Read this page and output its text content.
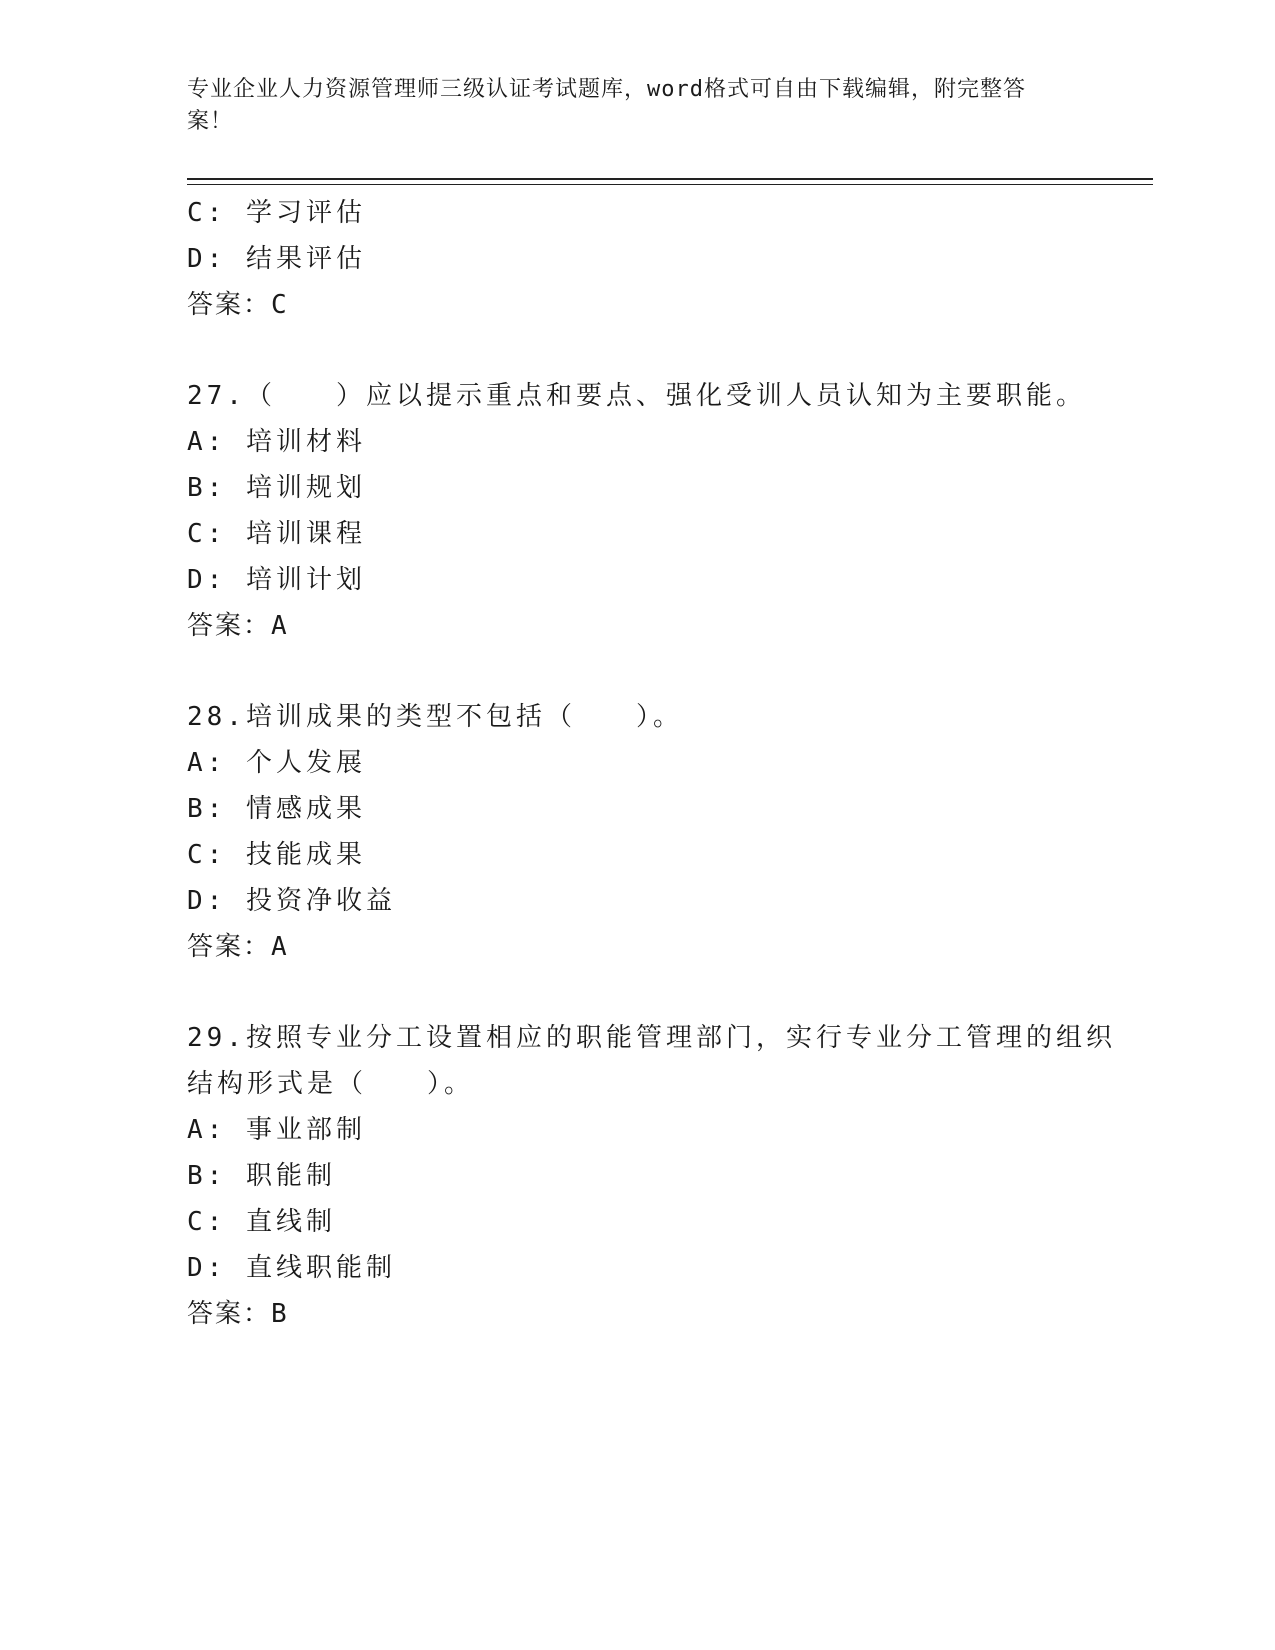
专业企业人力资源管理师三级认证考试题库，word格式可自由下载编辑，附完整答案！
C: 学习评估
D: 结果评估
答案：C
27.（　　）应以提示重点和要点、强化受训人员认知为主要职能。
A: 培训材料
B: 培训规划
C: 培训课程
D: 培训计划
答案：A
28.培训成果的类型不包括（　　）。
A: 个人发展
B: 情感成果
C: 技能成果
D: 投资净收益
答案：A
29.按照专业分工设置相应的职能管理部门，实行专业分工管理的组织
结构形式是（　　）。
A: 事业部制
B: 职能制
C: 直线制
D: 直线职能制
答案：B
